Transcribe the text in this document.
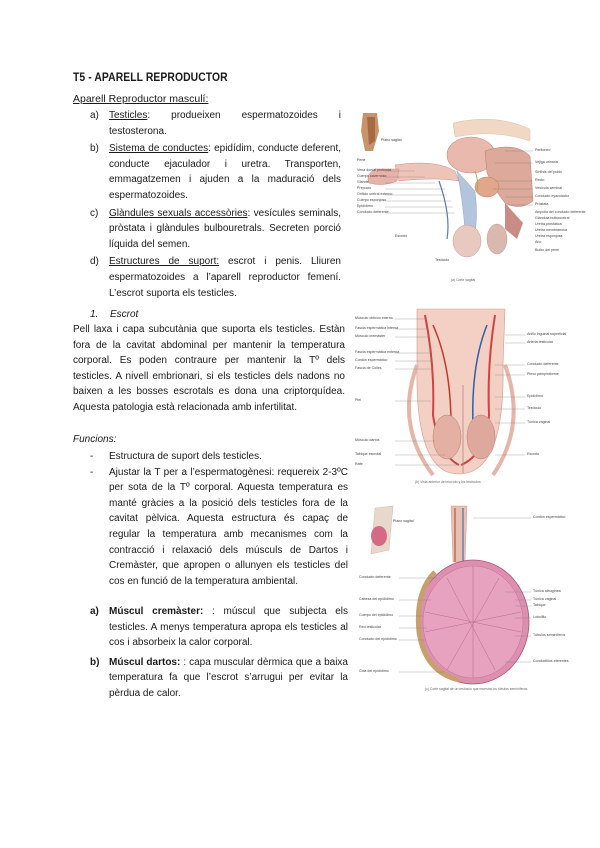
T5 - APARELL REPRODUCTOR
Aparell Reproductor masculí:
a)	Testicles: produeixen espermatozoides i testosterona.
b)	Sistema de conductes: epidídim, conducte deferent, conducte ejaculador i uretra. Transporten, emmagatzemen i ajuden a la maduració dels espermatozoides.
c)	Glàndules sexuals accessòries: vesícules seminals, pròstata i glàndules bulbouretrals. Secreten porció líquida del semen.
d)	Estructures de suport: escrot i penis. Lliuren espermatozoides a l’aparell reproductor femení. L’escrot suporta els testicles.
1. Escrot
Pell laxa i capa subcutània que suporta els testicles. Estàn fora de la cavitat abdominal per mantenir la temperatura corporal. Es poden contraure per mantenir la Tº dels testicles. A nivell embrionari, si els testicles dels nadons no baixen a les bosses escrotals es dona una criptorquídea. Aquesta patologia està relacionada amb infertilitat.
Funcions:
-	Estructura de suport dels testicles.
-	Ajustar la T per a l’espermatogènesi: requereix 2-3ºC per sota de la Tº corporal. Aquesta temperatura es manté gràcies a la posició dels testicles fora de la cavitat pèlvica. Aquesta estructura és capaç de regular la temperatura amb mecanismes com la contracció i relaxació dels músculs de Dartos i Cremàster, que apropen o allunyen els testicles del cos en funció de la temperatura ambiental.
a)	Múscul cremàster: : múscul que subjecta els testicles. A menys temperatura apropa els testicles al cos i absorbeix la calor corporal.
b) Múscul dartos: : capa muscular dèrmica que a baixa temperatura fa que l’escrot s’arrugui per evitar la pèrdua de calor.
Plano sagital
Pene
Vena dorsal profunda
Cuerpo cavernoso
Glande
Prepucio
Orificio uretral externo
Cuerpo esponjoso
Epidídimo
Conducto deferente
Escroto
Testículo
Peritoneo
Vejiga urinaria
Sínfisis del pubis
Recto
Vesícula seminal
Conducto eyaculador
Próstata
Ampolla del conducto deferente
Glándula bulbouretral
Uretra prostática
Uretra membranosa
Uretra esponjosa
Ano
Bulbo del pene
(a) Corte sagital
Músculo oblicuo interno
Fascia espermática interna
Músculo cremáster
Fascia espermática externa
Cordón espermático
Fascia de Colles
Piel
Músculo dartos
Tabique escrotal
Rafe
Anillo inguinal superficial
Arteria testicular
Conducto deferente
Plexo pampiniforme
Epidídimo
Testículo
Túnica vaginal
Escroto
(b) Vista anterior del escroto y los testículos
Plano sagital
Conducto deferente
Cabeza del epidídimo
Cuerpo del epidídimo
Red testicular
Conducto del epidídimo
Cola del epidídimo
Cordón espermático
Túnica albugínea
Túnica vaginal
Tabique
Lobulillo
Túbulos seminíferos
Conductillos eferentes
(c) Corte sagital de un testículo que muestra los túbulos seminíferos
